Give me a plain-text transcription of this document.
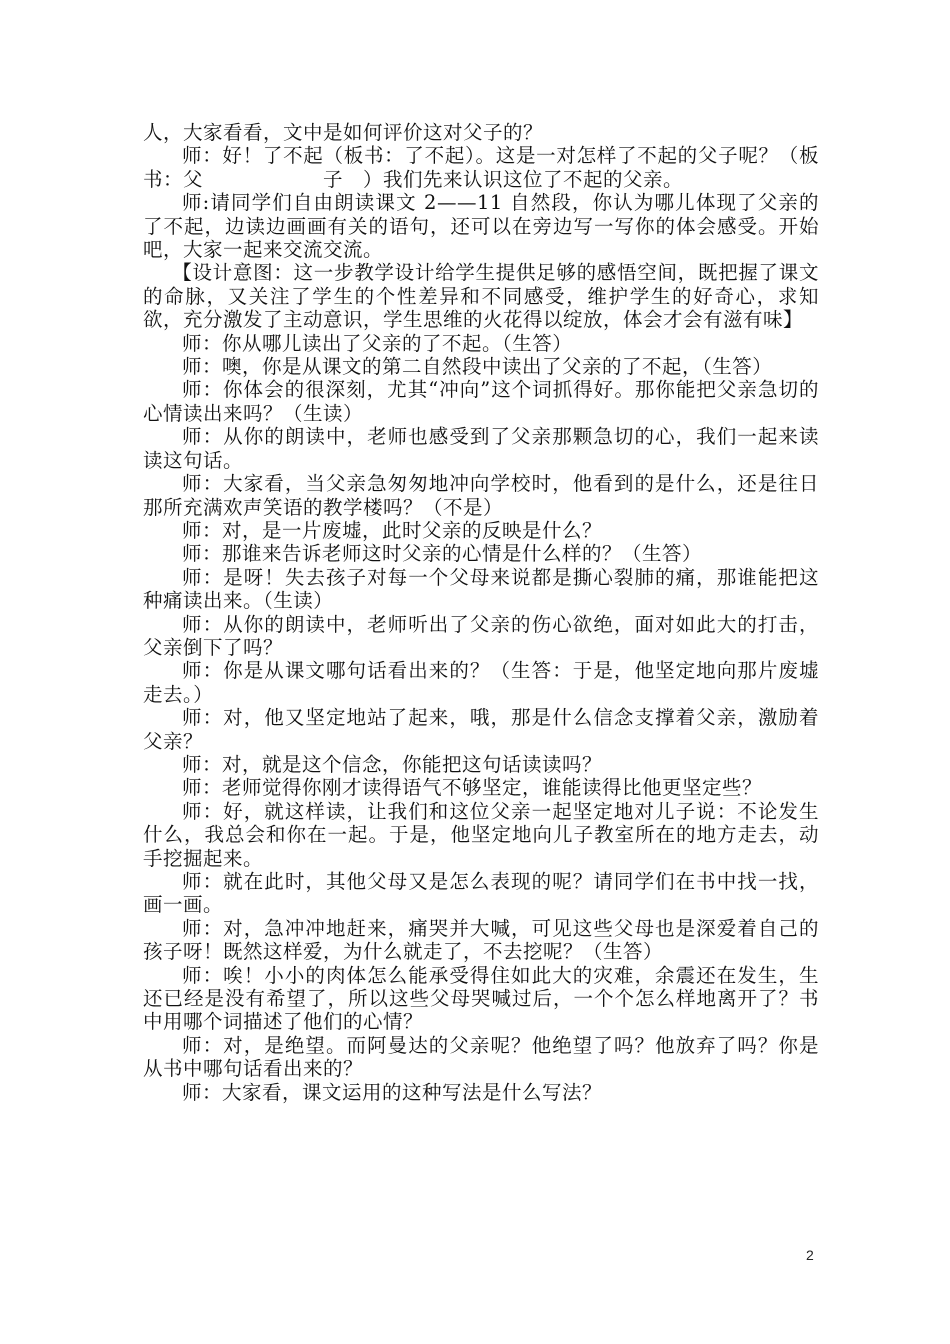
人，大家看看，文中是如何评价这对父子的？

师：好！了不起（板书：了不起）。这是一对怎样了不起的父子呢？（板书：父　　　　　　子　）我们先来认识这位了不起的父亲。

师:请同学们自由朗读课文 2——11 自然段，你认为哪儿体现了父亲的了不起，边读边画画有关的语句，还可以在旁边写一写你的体会感受。开始吧，大家一起来交流交流。

【设计意图：这一步教学设计给学生提供足够的感悟空间，既把握了课文的命脉，又关注了学生的个性差异和不同感受，维护学生的好奇心，求知欲，充分激发了主动意识，学生思维的火花得以绽放，体会才会有滋有味】

师：你从哪儿读出了父亲的了不起。（生答）

师：噢，你是从课文的第二自然段中读出了父亲的了不起，（生答）

师：你体会的很深刻，尤其“冲向”这个词抓得好。那你能把父亲急切的心情读出来吗？（生读）

师：从你的朗读中，老师也感受到了父亲那颗急切的心，我们一起来读读这句话。

师：大家看，当父亲急匆匆地冲向学校时，他看到的是什么，还是往日那所充满欢声笑语的教学楼吗？（不是）

师：对，是一片废墟，此时父亲的反映是什么？

师：那谁来告诉老师这时父亲的心情是什么样的？（生答）

师：是呀！失去孩子对每一个父母来说都是撕心裂肺的痛，那谁能把这种痛读出来。（生读）

师：从你的朗读中，老师听出了父亲的伤心欲绝，面对如此大的打击，父亲倒下了吗？

师：你是从课文哪句话看出来的？（生答：于是，他坚定地向那片废墟走去。）

师：对，他又坚定地站了起来，哦，那是什么信念支撑着父亲，激励着父亲？

师：对，就是这个信念，你能把这句话读读吗？

师：老师觉得你刚才读得语气不够坚定，谁能读得比他更坚定些？

师：好，就这样读，让我们和这位父亲一起坚定地对儿子说：不论发生什么，我总会和你在一起。于是，他坚定地向儿子教室所在的地方走去，动手挖掘起来。

师：就在此时，其他父母又是怎么表现的呢？请同学们在书中找一找，画一画。

师：对，急冲冲地赶来，痛哭并大喊，可见这些父母也是深爱着自己的孩子呀！既然这样爱，为什么就走了，不去挖呢？（生答）

师：唉！小小的肉体怎么能承受得住如此大的灾难，余震还在发生，生还已经是没有希望了，所以这些父母哭喊过后，一个个怎么样地离开了？书中用哪个词描述了他们的心情？

师：对，是绝望。而阿曼达的父亲呢？他绝望了吗？他放弃了吗？你是从书中哪句话看出来的？

师：大家看，课文运用的这种写法是什么写法？

2
